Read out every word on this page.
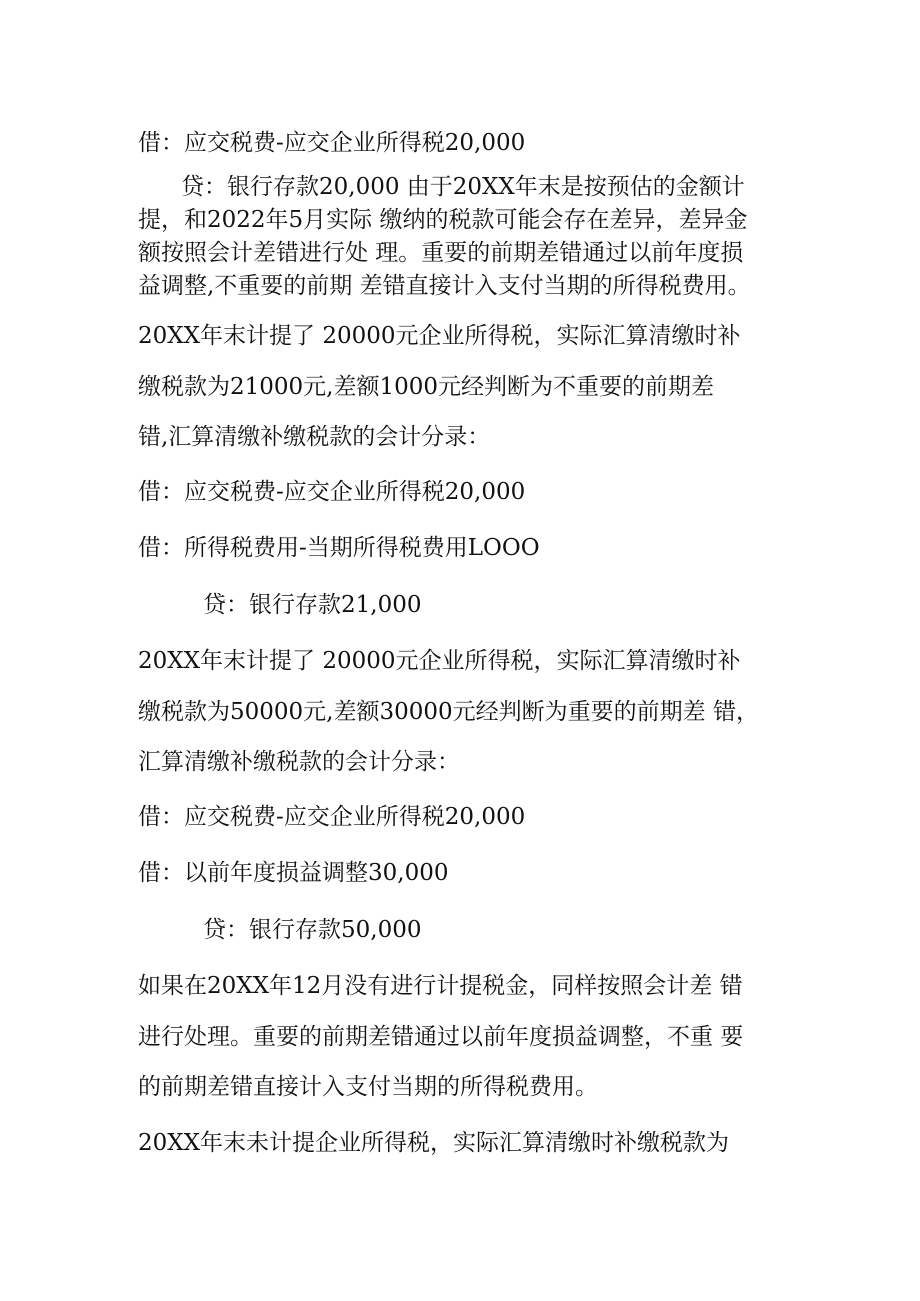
借：应交税费-应交企业所得税20,000
贷：银行存款20,000 由于20XX年末是按预估的金额计
提，和2022年5月实际 缴纳的税款可能会存在差异，差异金
额按照会计差错进行处 理。重要的前期差错通过以前年度损
益调整,不重要的前期 差错直接计入支付当期的所得税费用。
20XX年末计提了 20000元企业所得税，实际汇算清缴时补
缴税款为21000元,差额1000元经判断为不重要的前期差
错,汇算清缴补缴税款的会计分录：
借：应交税费-应交企业所得税20,000
借：所得税费用-当期所得税费用LOOO
贷：银行存款21,000
20XX年末计提了 20000元企业所得税，实际汇算清缴时补
缴税款为50000元,差额30000元经判断为重要的前期差 错，
汇算清缴补缴税款的会计分录：
借：应交税费-应交企业所得税20,000
借：以前年度损益调整30,000
贷：银行存款50,000
如果在20XX年12月没有进行计提税金，同样按照会计差 错
进行处理。重要的前期差错通过以前年度损益调整，不重 要
的前期差错直接计入支付当期的所得税费用。
20XX年末未计提企业所得税，实际汇算清缴时补缴税款为
